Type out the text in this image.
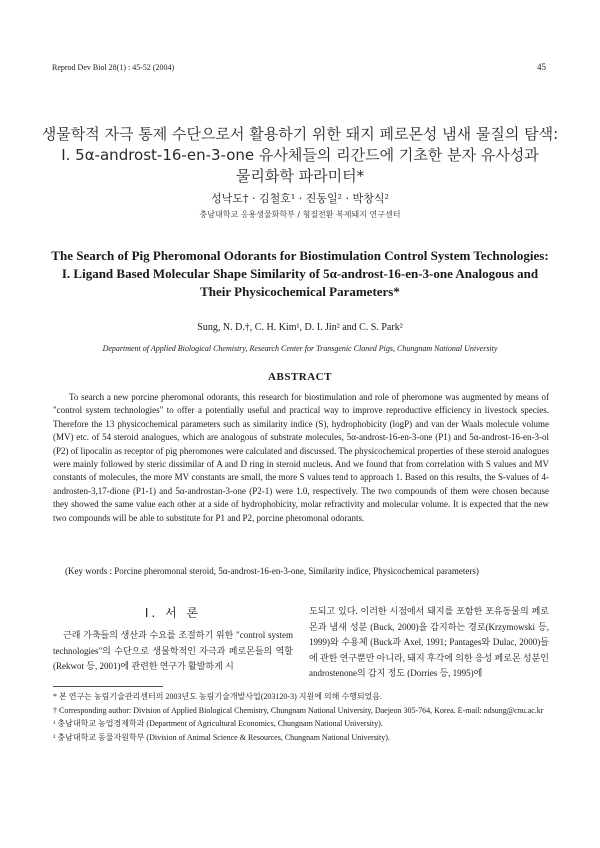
Reprod Dev Biol 28(1) : 45-52 (2004)	45
생물학적 자극 통제 수단으로서 활용하기 위한 돼지 페로몬성 냄새 물질의 탐색:
I. 5α-androst-16-en-3-one 유사체들의 리간드에 기초한 분자 유사성과
물리화학 파라미터*
성낙도† · 김철호¹ · 진동일² · 박창식²
충남대학교 응용생물화학부 / 형질전환 복제돼지 연구센터
The Search of Pig Pheromonal Odorants for Biostimulation Control System Technologies:
I. Ligand Based Molecular Shape Similarity of 5α-androst-16-en-3-one Analogous and
Their Physicochemical Parameters*
Sung, N. D.†, C. H. Kim¹, D. I. Jin² and C. S. Park²
Department of Applied Biological Chemistry, Research Center for Transgenic Cloned Pigs, Chungnam National University
ABSTRACT
To search a new porcine pheromonal odorants, this research for biostimulation and role of pheromone was augmented by means of "control system technologies" to offer a potentially useful and practical way to improve reproductive efficiency in livestock species. Therefore the 13 physicochemical parameters such as similarity indice (S), hydrophobicity (logP) and van der Waals molecule volume (MV) etc. of 54 steroid analogues, which are analogous of substrate molecules, 5α-androst-16-en-3-one (P1) and 5α-androst-16-en-3-ol (P2) of lipocalin as receptor of pig pheromones were calculated and discussed. The physicochemical properties of these steroid analogues were mainly followed by steric dissimilar of A and D ring in steroid nucleus. And we found that from correlation with S values and MV constants of molecules, the more MV constants are small, the more S values tend to approach 1. Based on this results, the S-values of 4-androsten-3,17-dione (P1-1) and 5α-androstan-3-one (P2-1) were 1.0, respectively. The two compounds of them were chosen because they showed the same value each other at a side of hydrophobicity, molar refractivity and molecular volume. It is expected that the new two compounds will be able to substitute for P1 and P2, porcine pheromonal odorants.
(Key words : Porcine pheromonal steroid, 5α-androst-16-en-3-one, Similarity indice, Physicochemical parameters)
I. 서 론
근래 가축들의 생산과 수요를 조절하기 위한 "control system technologies"의 수단으로 생물학적인 자극과 페로몬들의 역할 (Rekwot 등, 2001)에 관련한 연구가 활발하게 시
도되고 있다. 이러한 시점에서 돼지를 포함한 포유동물의 페로몬과 냄새 성분 (Buck, 2000)을 감지하는 경로(Krzymowski 등, 1999)와 수용체 (Buck과 Axel, 1991; Pantages와 Dulac, 2000)들에 관한 연구뿐만 아니라, 돼지 후각에 의한 응성 페로몬 성분인 androstenone의 감지 정도 (Dorries 등, 1995)에

* 본 연구는 농림기술관리센터의 2003년도 농림기술개발사업(203120-3) 지원에 의해 수행되었음.

† Corresponding author: Division of Applied Biological Chemistry, Chungnam National University, Daejeon 305-764, Korea. E-mail: ndsung@cnu.ac.kr

¹ 충남대학교 농업경제학과 (Department of Agricultural Economics, Chungnam National University).

² 충남대학교 동물자원학부 (Division of Animal Science & Resources, Chungnam National University).
